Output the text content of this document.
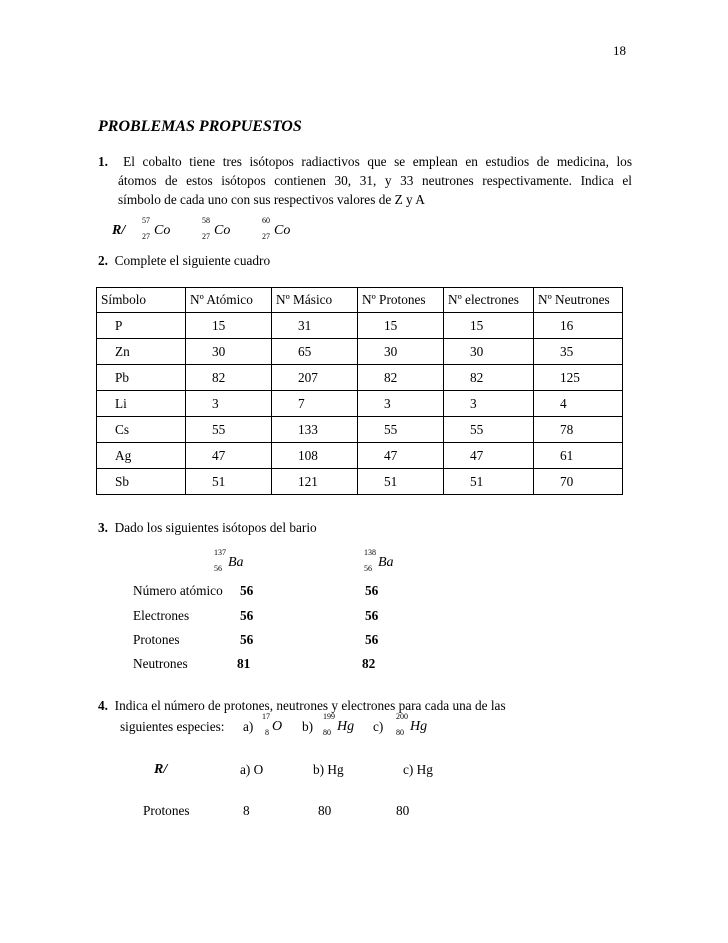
18
PROBLEMAS PROPUESTOS
1. El cobalto tiene tres isótopos radiactivos que se emplean en estudios de medicina, los
átomos de estos isótopos contienen 30, 31, y 33 neutrones respectivamente. Indica el
símbolo de cada uno con sus respectivos valores de Z y A
R/
57
27 Co
58
27 Co
60
27 Co
2. Complete el siguiente cuadro
Símbolo	Nº Atómico	Nº Másico	Nº Protones	Nº electrones	Nº Neutrones
P	15	31	15	15	16
Zn	30	65	30	30	35
Pb	82	207	82	82	125
Li	3	7	3	3	4
Cs	55	133	55	55	78
Ag	47	108	47	47	61
Sb	51	121	51	51	70
3. Dado los siguientes isótopos del bario
137
56 Ba
138
56 Ba
Número atómico 56	56
Electrones	56	56
Protones	56	56
Neutrones	81	82
4. Indica el número de protones, neutrones y electrones para cada una de las
siguientes especies: a)
17
8 O b)
199
80 Hg c)
200
80 Hg
R/	a) O	b) Hg	c) Hg
Protones	8	80	80
